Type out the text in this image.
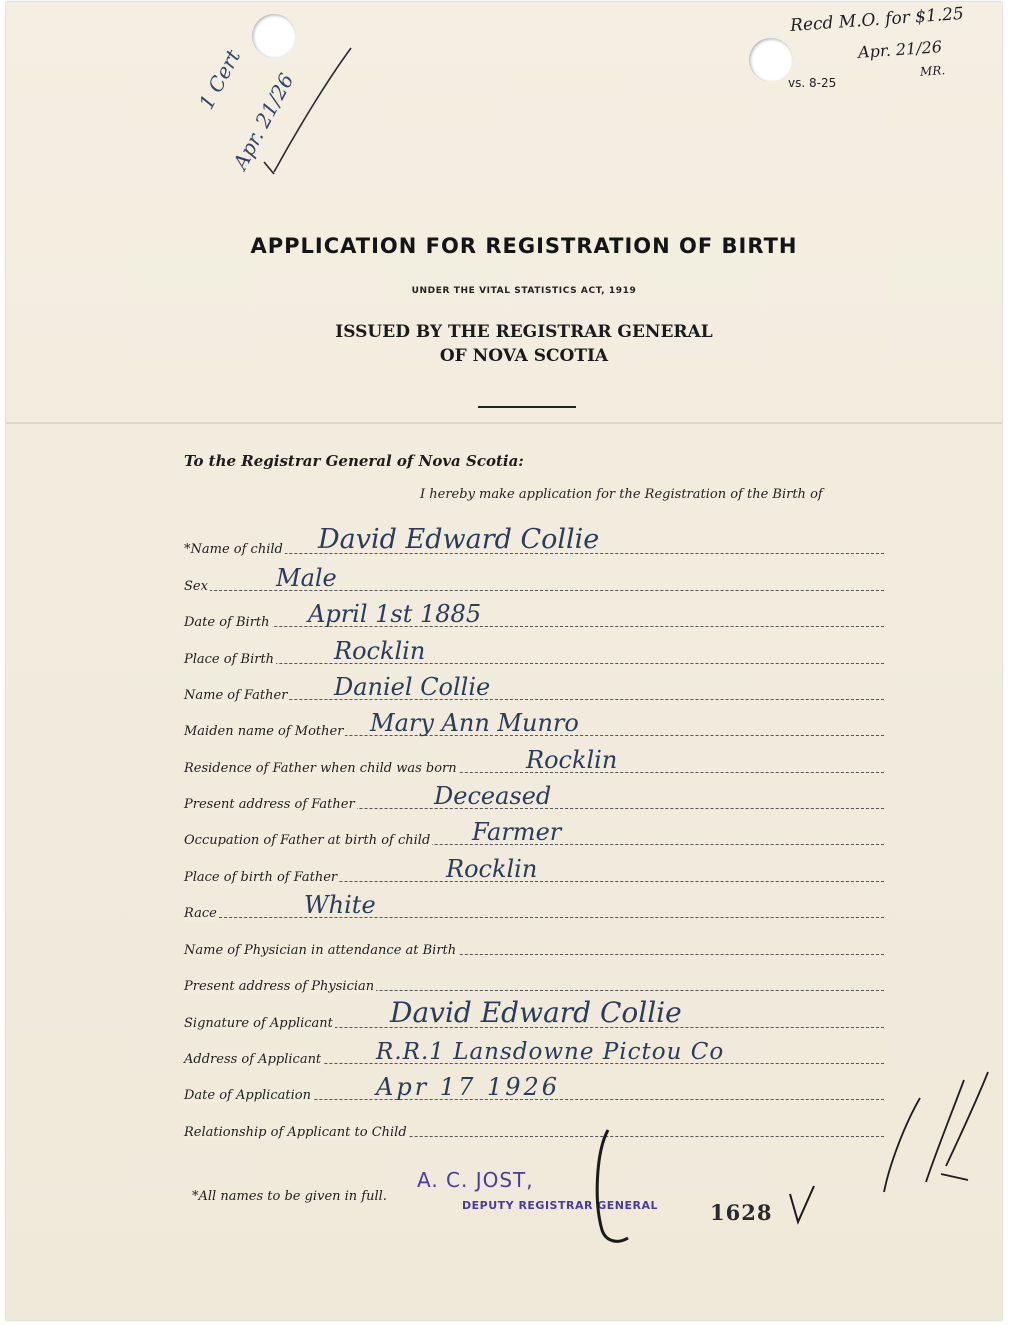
Recd M.O. for $1.25
Apr. 21/26
MR.
1 Cert
Apr. 21/26	vs. 8-25
APPLICATION FOR REGISTRATION OF BIRTH
UNDER THE VITAL STATISTICS ACT, 1919
ISSUED BY THE REGISTRAR GENERAL
OF NOVA SCOTIA
To the Registrar General of Nova Scotia:
I hereby make application for the Registration of the Birth of
*Name of child David Edward Collie
Sex	Male
Date of Birth April 1st 1885
Place of Birth Rocklin
Name of Father Daniel Collie
Maiden name of Mother Mary Ann Munro
Residence of Father when child was born	Rocklin
Present address of Father	Deceased
Occupation of Father at birth of child Farmer
Place of birth of Father	Rocklin
Race	White
Name of Physician in attendance at Birth
Present address of Physician
Signature of Applicant David Edward Collie
Address of Applicant R.R.1 Lansdowne Pictou Co
Date of Application	Apr 17 1926
Relationship of Applicant to Child
*All names to be given in full.
A. C. JOST,
DEPUTY REGISTRAR GENERAL 1628
